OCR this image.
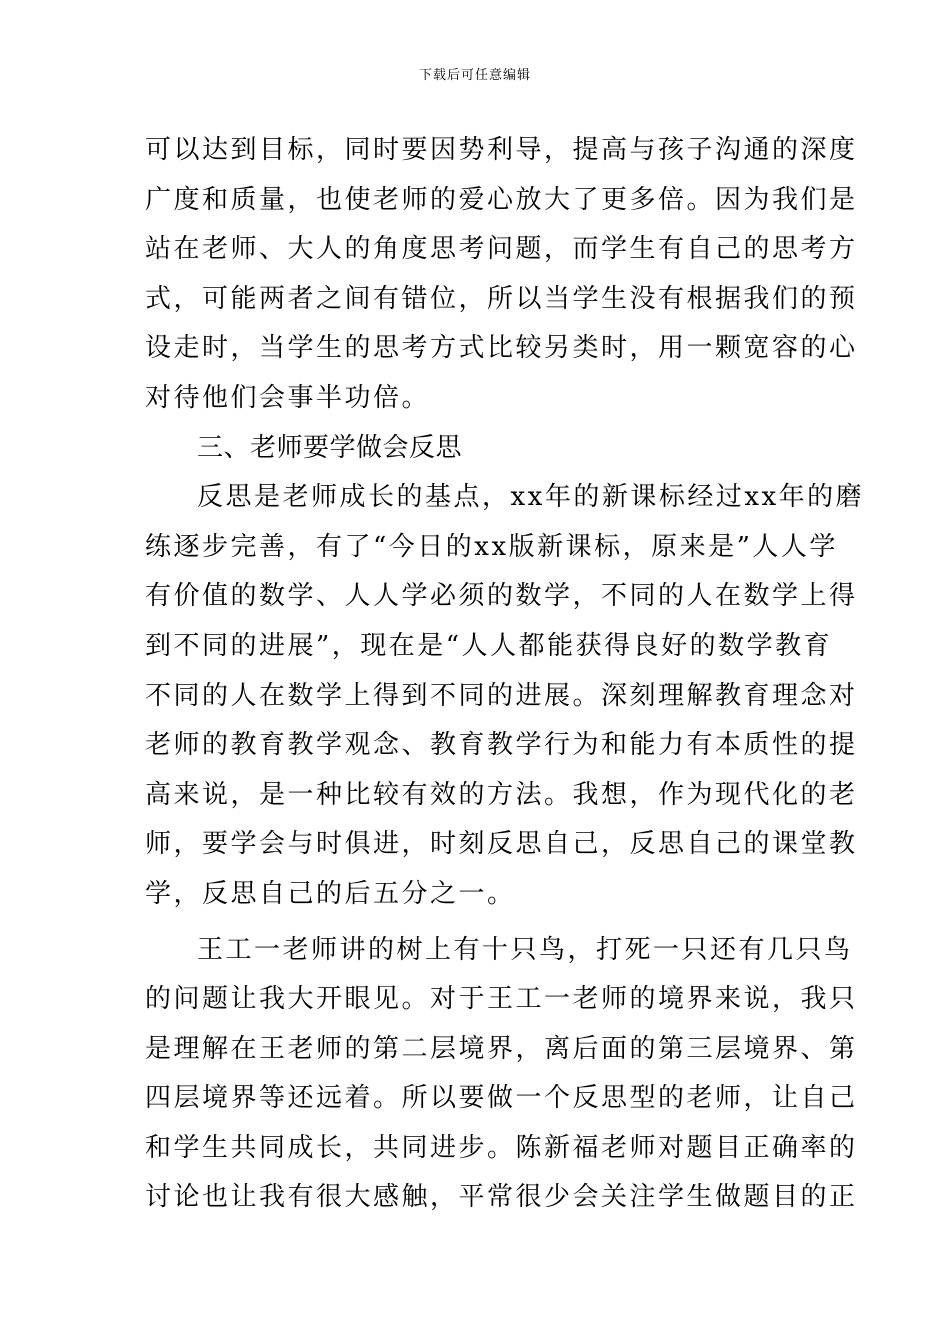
下载后可任意编辑
可以达到目标，同时要因势利导，提高与孩子沟通的深度
广度和质量，也使老师的爱心放大了更多倍。因为我们是
站在老师、大人的角度思考问题，而学生有自己的思考方
式，可能两者之间有错位，所以当学生没有根据我们的预
设走时，当学生的思考方式比较另类时，用一颗宽容的心
对待他们会事半功倍。
三、老师要学做会反思
反思是老师成长的基点，xx年的新课标经过xx年的磨
练逐步完善，有了“今日的xx版新课标，原来是”人人学
有价值的数学、人人学必须的数学，不同的人在数学上得
到不同的进展”，现在是“人人都能获得良好的数学教育
不同的人在数学上得到不同的进展。深刻理解教育理念对
老师的教育教学观念、教育教学行为和能力有本质性的提
高来说，是一种比较有效的方法。我想，作为现代化的老
师，要学会与时俱进，时刻反思自己，反思自己的课堂教
学，反思自己的后五分之一。
王工一老师讲的树上有十只鸟，打死一只还有几只鸟
的问题让我大开眼见。对于王工一老师的境界来说，我只
是理解在王老师的第二层境界，离后面的第三层境界、第
四层境界等还远着。所以要做一个反思型的老师，让自己
和学生共同成长，共同进步。陈新福老师对题目正确率的
讨论也让我有很大感触，平常很少会关注学生做题目的正
